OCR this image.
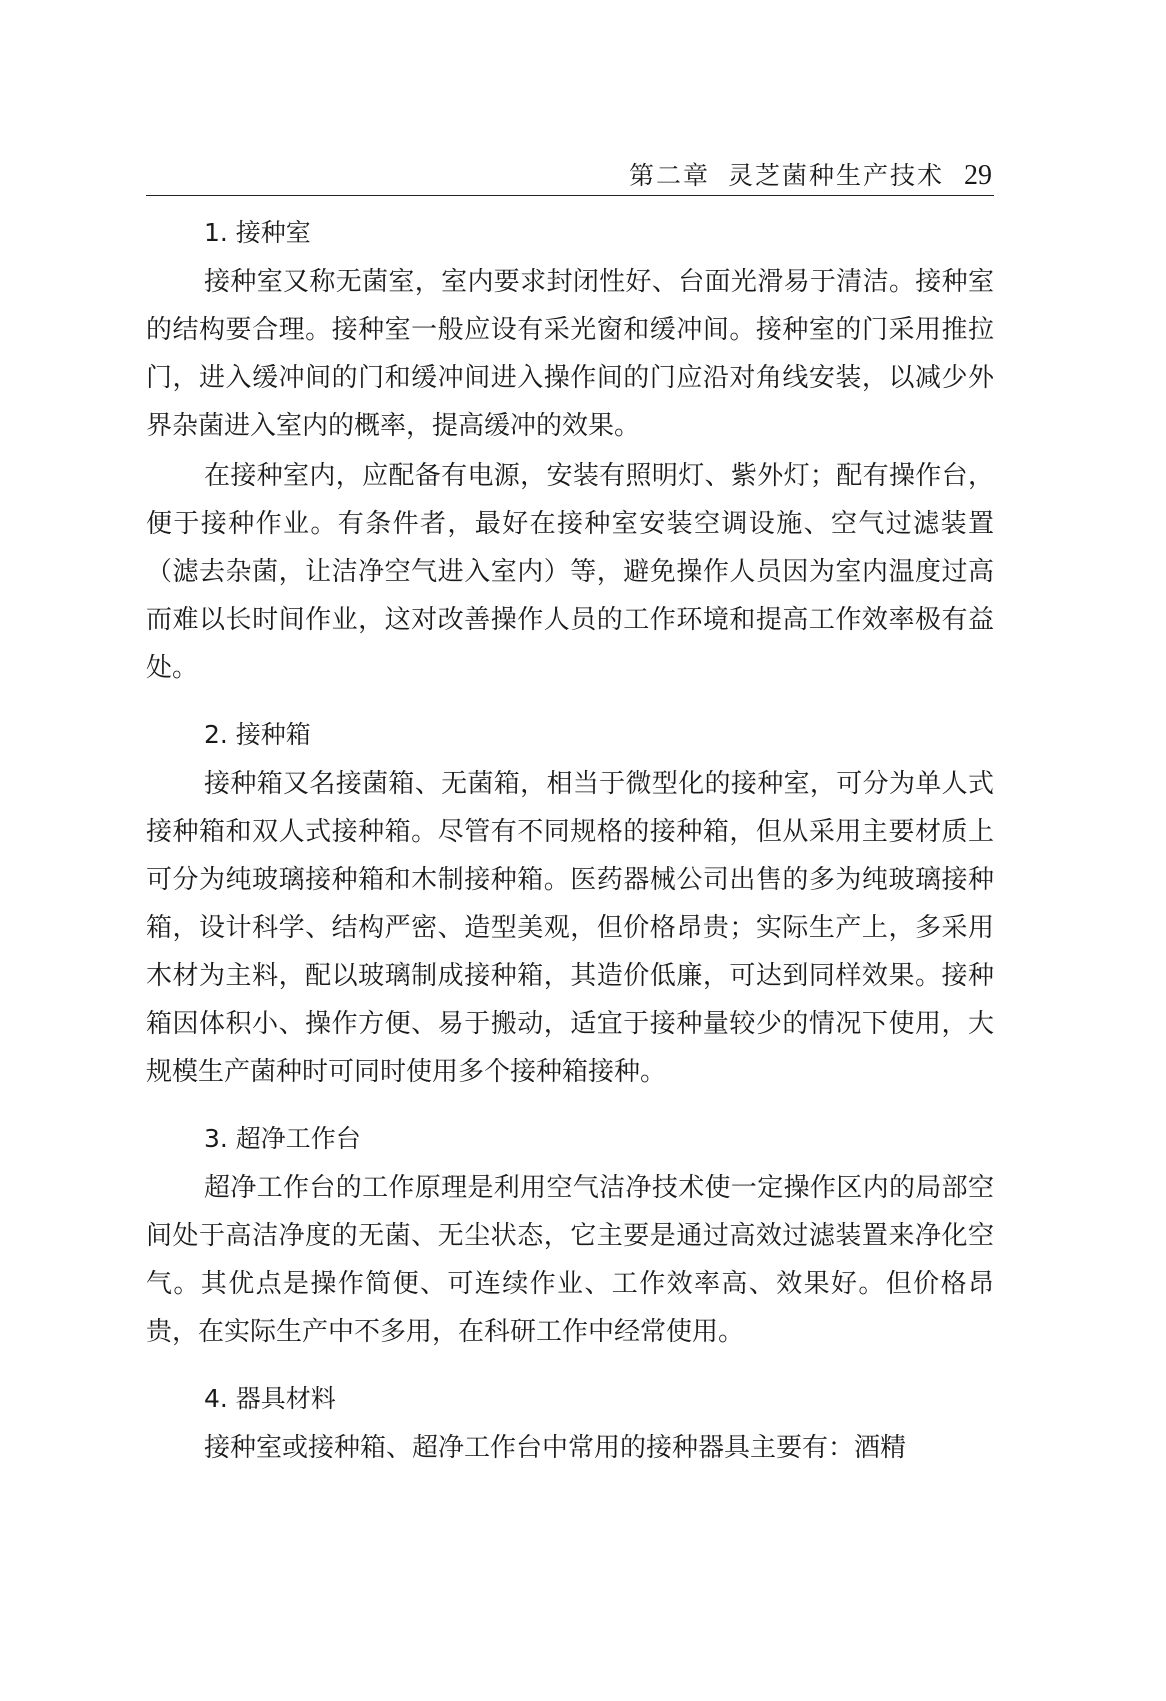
第二章 灵芝菌种生产技术 29
1. 接种室

接种室又称无菌室，室内要求封闭性好、台面光滑易于清洁。接种室的结构要合理。接种室一般应设有采光窗和缓冲间。接种室的门采用推拉门，进入缓冲间的门和缓冲间进入操作间的门应沿对角线安装，以减少外界杂菌进入室内的概率，提高缓冲的效果。

在接种室内，应配备有电源，安装有照明灯、紫外灯；配有操作台，便于接种作业。有条件者，最好在接种室安装空调设施、空气过滤装置（滤去杂菌，让洁净空气进入室内）等，避免操作人员因为室内温度过高而难以长时间作业，这对改善操作人员的工作环境和提高工作效率极有益处。

2. 接种箱

接种箱又名接菌箱、无菌箱，相当于微型化的接种室，可分为单人式接种箱和双人式接种箱。尽管有不同规格的接种箱，但从采用主要材质上可分为纯玻璃接种箱和木制接种箱。医药器械公司出售的多为纯玻璃接种箱，设计科学、结构严密、造型美观，但价格昂贵；实际生产上，多采用木材为主料，配以玻璃制成接种箱，其造价低廉，可达到同样效果。接种箱因体积小、操作方便、易于搬动，适宜于接种量较少的情况下使用，大规模生产菌种时可同时使用多个接种箱接种。

3. 超净工作台

超净工作台的工作原理是利用空气洁净技术使一定操作区内的局部空间处于高洁净度的无菌、无尘状态，它主要是通过高效过滤装置来净化空气。其优点是操作简便、可连续作业、工作效率高、效果好。但价格昂贵，在实际生产中不多用，在科研工作中经常使用。

4. 器具材料

接种室或接种箱、超净工作台中常用的接种器具主要有：酒精
